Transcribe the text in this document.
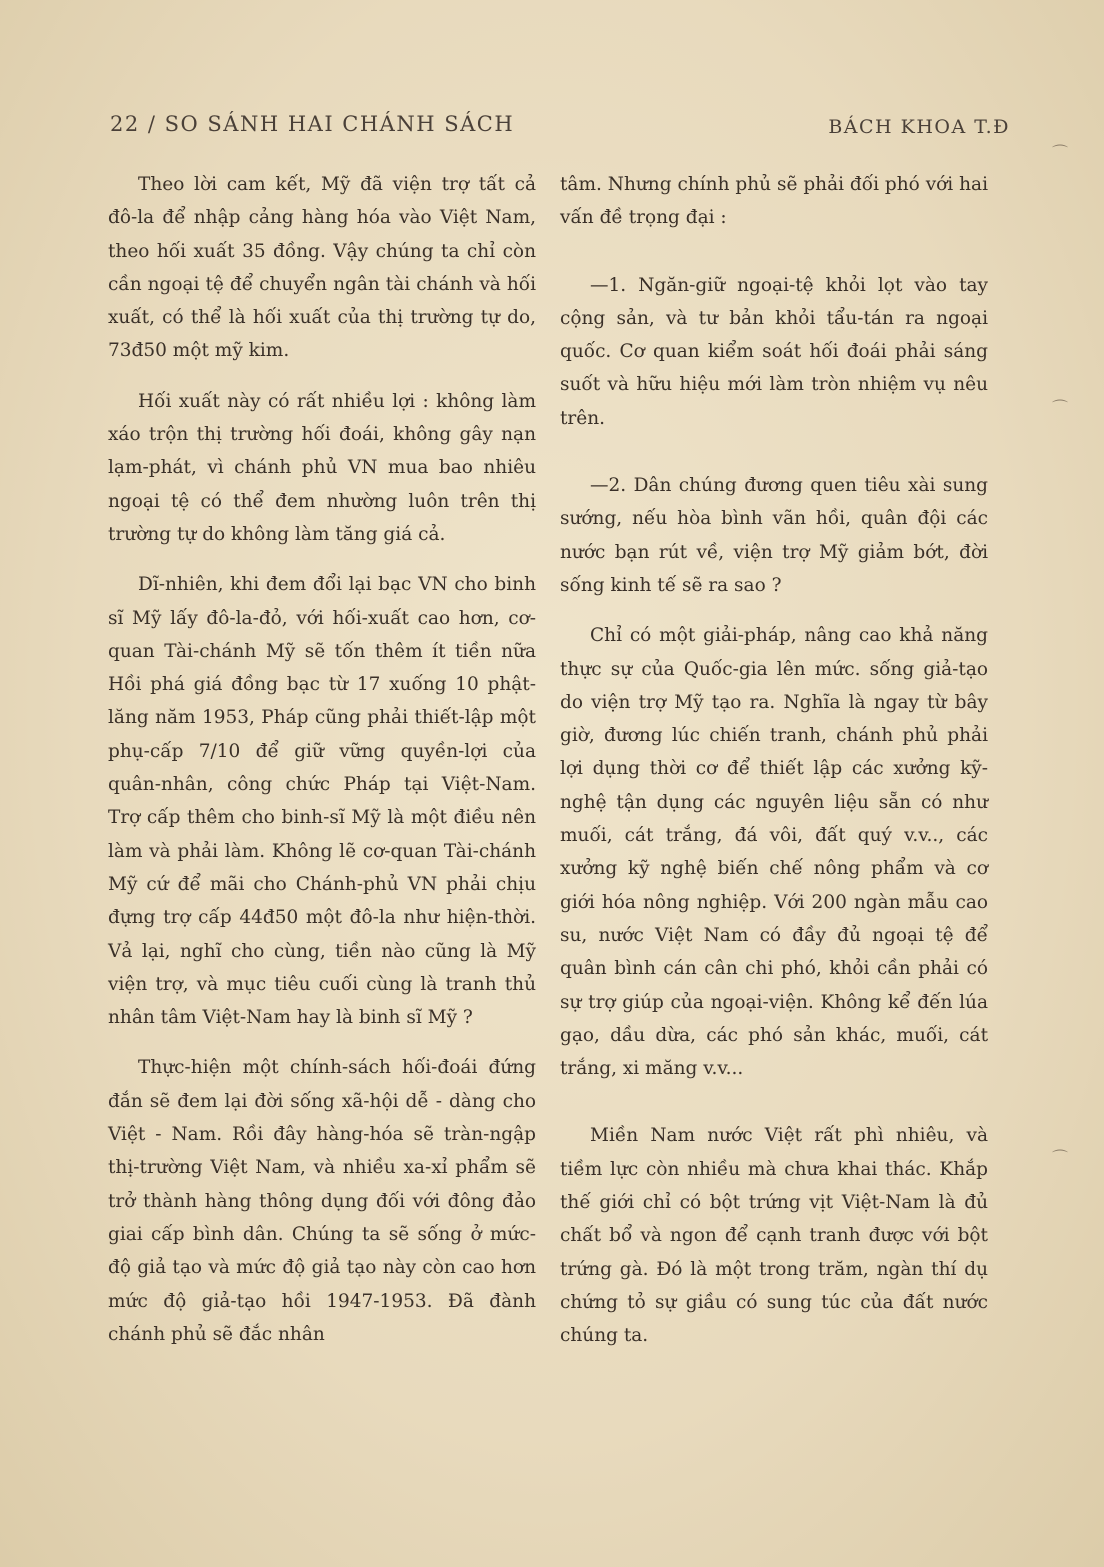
22 / SO SÁNH HAI CHÁNH SÁCH	BÁCH KHOA T.Đ

Theo lời cam kết, Mỹ đã viện trợ tất cả đô-la để nhập cảng hàng hóa vào Việt Nam, theo hối xuất 35 đồng. Vậy chúng ta chỉ còn cần ngoại tệ để chuyển ngân tài chánh và hối xuất, có thể là hối xuất của thị trường tự do, 73đ50 một mỹ kim.

Hối xuất này có rất nhiều lợi : không làm xáo trộn thị trường hối đoái, không gây nạn lạm-phát, vì chánh phủ VN mua bao nhiêu ngoại tệ có thể đem nhường luôn trên thị trường tự do không làm tăng giá cả.

Dĩ-nhiên, khi đem đổi lại bạc VN cho binh sĩ Mỹ lấy đô-la-đỏ, với hối-xuất cao hơn, cơ-quan Tài-chánh Mỹ sẽ tốn thêm ít tiền nữa Hồi phá giá đồng bạc từ 17 xuống 10 phật-lăng năm 1953, Pháp cũng phải thiết-lập một phụ-cấp 7/10 để giữ vững quyền-lợi của quân-nhân, công chức Pháp tại Việt-Nam. Trợ cấp thêm cho binh-sĩ Mỹ là một điều nên làm và phải làm. Không lẽ cơ-quan Tài-chánh Mỹ cứ để mãi cho Chánh-phủ VN phải chịu đựng trợ cấp 44đ50 một đô-la như hiện-thời. Vả lại, nghĩ cho cùng, tiền nào cũng là Mỹ viện trợ, và mục tiêu cuối cùng là tranh thủ nhân tâm Việt-Nam hay là binh sĩ Mỹ ?

Thực-hiện một chính-sách hối-đoái đứng đắn sẽ đem lại đời sống xã-hội dễ - dàng cho Việt - Nam. Rồi đây hàng-hóa sẽ tràn-ngập thị-trường Việt Nam, và nhiều xa-xỉ phẩm sẽ trở thành hàng thông dụng đối với đông đảo giai cấp bình dân. Chúng ta sẽ sống ở mức-độ giả tạo và mức độ giả tạo này còn cao hơn mức độ giả-tạo hồi 1947-1953. Đã đành chánh phủ sẽ đắc nhân

tâm. Nhưng chính phủ sẽ phải đối phó với hai vấn đề trọng đại :

—1. Ngăn-giữ ngoại-tệ khỏi lọt vào tay cộng sản, và tư bản khỏi tẩu-tán ra ngoại quốc. Cơ quan kiểm soát hối đoái phải sáng suốt và hữu hiệu mới làm tròn nhiệm vụ nêu trên.

—2. Dân chúng đương quen tiêu xài sung sướng, nếu hòa bình vãn hồi, quân đội các nước bạn rút về, viện trợ Mỹ giảm bớt, đời sống kinh tế sẽ ra sao ?

Chỉ có một giải-pháp, nâng cao khả năng thực sự của Quốc-gia lên mức. sống giả-tạo do viện trợ Mỹ tạo ra. Nghĩa là ngay từ bây giờ, đương lúc chiến tranh, chánh phủ phải lợi dụng thời cơ để thiết lập các xưởng kỹ-nghệ tận dụng các nguyên liệu sẵn có như muối, cát trắng, đá vôi, đất quý v.v.., các xưởng kỹ nghệ biến chế nông phẩm và cơ giới hóa nông nghiệp. Với 200 ngàn mẫu cao su, nước Việt Nam có đầy đủ ngoại tệ để quân bình cán cân chi phó, khỏi cần phải có sự trợ giúp của ngoại-viện. Không kể đến lúa gạo, dầu dừa, các phó sản khác, muối, cát trắng, xi măng v.v...

Miền Nam nước Việt rất phì nhiêu, và tiềm lực còn nhiều mà chưa khai thác. Khắp thế giới chỉ có bột trứng vịt Việt-Nam là đủ chất bổ và ngon để cạnh tranh được với bột trứng gà. Đó là một trong trăm, ngàn thí dụ chứng tỏ sự giầu có sung túc của đất nước chúng ta.

⌒
⌒
⌒
